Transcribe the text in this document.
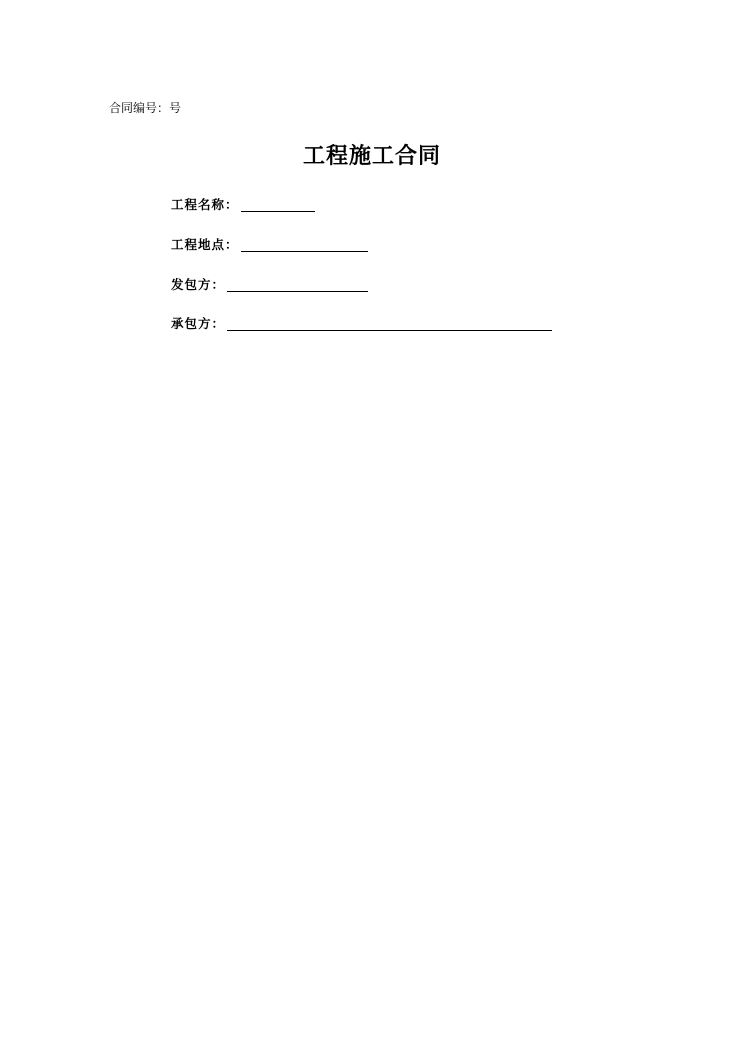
合同编号：号
工程施工合同
工程名称：
工程地点：
发包方：
承包方：
